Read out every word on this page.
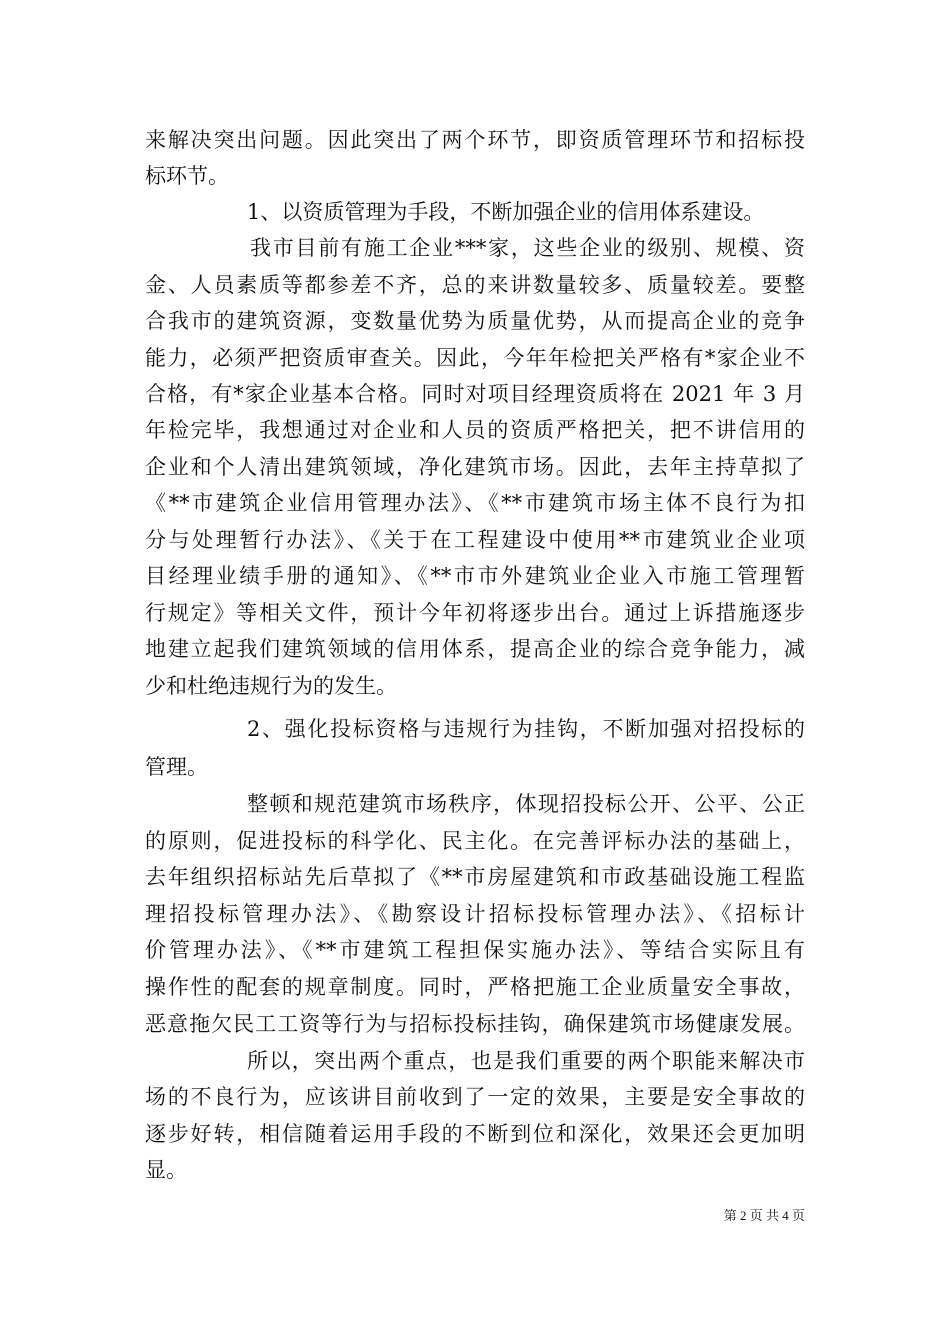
来解决突出问题。因此突出了两个环节，即资质管理环节和招标投
标环节。
1、以资质管理为手段，不断加强企业的信用体系建设。
我市目前有施工企业***家，这些企业的级别、规模、资
金、人员素质等都参差不齐，总的来讲数量较多、质量较差。要整
合我市的建筑资源，变数量优势为质量优势，从而提高企业的竞争
能力，必须严把资质审查关。因此，今年年检把关严格有*家企业不
合格，有*家企业基本合格。同时对项目经理资质将在 2021 年 3 月
年检完毕，我想通过对企业和人员的资质严格把关，把不讲信用的
企业和个人清出建筑领域，净化建筑市场。因此，去年主持草拟了
《**市建筑企业信用管理办法》、《**市建筑市场主体不良行为扣
分与处理暂行办法》、《关于在工程建设中使用**市建筑业企业项
目经理业绩手册的通知》、《**市市外建筑业企业入市施工管理暂
行规定》等相关文件，预计今年初将逐步出台。通过上诉措施逐步
地建立起我们建筑领域的信用体系，提高企业的综合竞争能力，减
少和杜绝违规行为的发生。
2、强化投标资格与违规行为挂钩，不断加强对招投标的
管理。
整顿和规范建筑市场秩序，体现招投标公开、公平、公正
的原则，促进投标的科学化、民主化。在完善评标办法的基础上，
去年组织招标站先后草拟了《**市房屋建筑和市政基础设施工程监
理招投标管理办法》、《勘察设计招标投标管理办法》、《招标计
价管理办法》、《**市建筑工程担保实施办法》、等结合实际且有
操作性的配套的规章制度。同时，严格把施工企业质量安全事故，
恶意拖欠民工工资等行为与招标投标挂钩，确保建筑市场健康发展。
所以，突出两个重点，也是我们重要的两个职能来解决市
场的不良行为，应该讲目前收到了一定的效果，主要是安全事故的
逐步好转，相信随着运用手段的不断到位和深化，效果还会更加明
显。
第 2 页 共 4 页
